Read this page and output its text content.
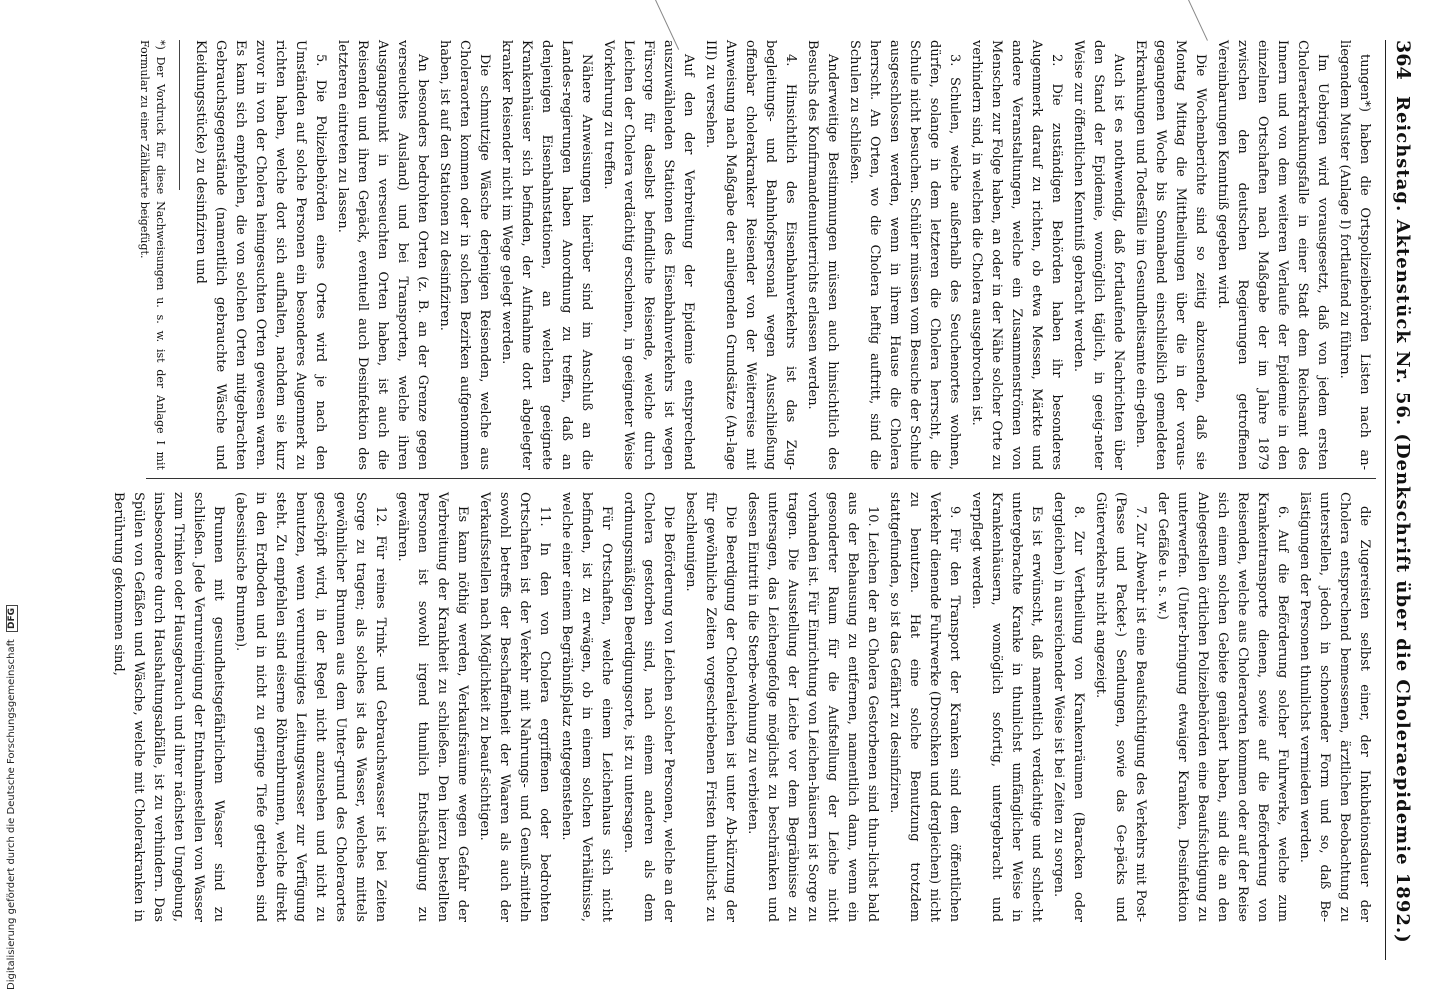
Digitalisierung gefördert durch die Deutsche Forschungsgemeinschaft DFG
364
Reichstag. Aktenstück Nr. 56. (Denkschrift über die Choleraepidemie 1892.)

tungen*) haben die Ortspolizeibehörden Listen nach an-liegendem Muster (Anlage I) fortlaufend zu führen.

Im Uebrigen wird vorausgesetzt, daß von jedem ersten Choleraerkrankungsfalle in einer Stadt dem Reichsamt des Innern und von dem weiteren Verlaufe der Epidemie in den einzelnen Ortschaften nach Maßgabe der im Jahre 1879 zwischen den deutschen Regierungen getroffenen Vereinbarungen Kenntniß gegeben wird.

Die Wochenberichte sind so zeitig abzusenden, daß sie Montag Mittag die Mittheilungen über die in der voraus-gegangenen Woche bis Sonnabend einschließlich gemeldeten Erkrankungen und Todesfälle im Gesundheitsamte ein-gehen.

Auch ist es nothwendig, daß fortlaufende Nachrichten über den Stand der Epidemie, womöglich täglich, in geeig-neter Weise zur öffentlichen Kenntniß gebracht werden.

2. Die zuständigen Behörden haben ihr besonderes Augenmerk darauf zu richten, ob etwa Messen, Märkte und andere Veranstaltungen, welche ein Zusammenströmen von Menschen zur Folge haben, an oder in der Nähe solcher Orte zu verhindern sind, in welchen die Cholera ausgebrochen ist.

3. Schulen, welche außerhalb des Seuchenortes wohnen, dürfen, solange in dem letzteren die Cholera herrscht, die Schule nicht besuchen. Schüler müssen vom Besuche der Schule ausgeschlossen werden, wenn in ihrem Hause die Cholera herrscht. An Orten, wo die Cholera heftig auftritt, sind die Schulen zu schließen.

Anderweitige Bestimmungen müssen auch hinsichtlich des Besuchs des Konfirmandenunterrichts erlassen werden.

4. Hinsichtlich des Eisenbahnverkehrs ist das Zug-begleitungs- und Bahnhofspersonal wegen Ausschließung offenbar cholerakranker Reisender von der Weiterreise mit Anweisung nach Maßgabe der anliegenden Grundsätze (An-lage III) zu versehen.

Auf den der Verbreitung der Epidemie entsprechend auszuwählenden Stationen des Eisenbahnverkehrs ist wegen Fürsorge für daselbst befindliche Reisende, welche durch Leichen der Cholera verdächtig erscheinen, in geeigneter Weise Vorkehrung zu treffen.

Nähere Anweisungen hierüber sind im Anschluß an die Landes-regierungen haben Anordnung zu treffen, daß an denjenigen Eisenbahnstationen, an welchen geeignete Krankenhäuser sich befinden, der Aufnahme dort abgelegter kranker Reisender nicht im Wege gelegt werden.

Die schmutzige Wäsche derjenigen Reisenden, welche aus Choleraorten kommen oder in solchen Bezirken aufgenommen haben, ist auf den Stationen zu desinfiziren.

An besonders bedrohten Orten (z. B. an der Grenze gegen verseuchtes Ausland) und bei Transporten, welche ihren Ausgangspunkt in verseuchten Orten haben, ist auch die Reisenden und ihren Gepäck, eventuell auch Desinfektion des letzteren eintreten zu lassen.

5. Die Polizeibehörden eines Ortes wird je nach den Umständen auf solche Personen ein besonderes Augenmerk zu richten haben, welche dort sich aufhalten, nachdem sie kurz zuvor in von der Cholera heimgesuchten Orten gewesen waren. Es kann sich empfehlen, die von solchen Orten mitgebrachten Gebrauchsgegenstände (namentlich gebrauchte Wäsche und Kleidungsstücke) zu desinfiziren und

*) Der Vordruck für diese Nachweisungen u. s. w. ist der Anlage I mit Formular zu einer Zählkarte beigefügt.

die Zugereisten selbst einer, der Inkubationsdauer der Cholera entsprechend bemessenen, ärztlichen Beobachtung zu unterstellen, jedoch in schonender Form und so, daß Be-lästigungen der Personen thunlichst vermieden werden.

6. Auf die Beförderung solcher Fuhrwerke, welche zum Krankentransporte dienen, sowie auf die Beförderung von Reisenden, welche aus Choleraorten kommen oder auf der Reise sich einem solchen Gebiete genähert haben, sind die an den Anlegestellen örtlichen Polizeibehörden eine Beaufsichtigung zu unterwerfen. (Unter-bringung etwaiger Kranken, Desinfektion der Gefäße u. s. w.)

7. Zur Abwehr ist eine Beaufsichtigung des Verkehrs mit Post- (Passe und Packet-) Sendungen, sowie das Ge-päcks und Güterverkehrs nicht angezeigt.

8. Zur Vertheilung von Krankenräumen (Baracken oder dergleichen) in ausreichender Weise ist bei Zeiten zu sorgen.

Es ist erwünscht, daß namentlich verdächtige und schlecht untergebrachte Kranke in thunlichst umfänglicher Weise in Krankenhäusern, womöglich sofortig, untergebracht und verpflegt werden.

9. Für den Transport der Kranken sind dem öffentlichen Verkehr dienende Fuhrwerke (Droschken und dergleichen) nicht zu benutzen. Hat eine solche Benutzung trotzdem stattgefunden, so ist das Gefährt zu desinfiziren.

10. Leichen der an Cholera Gestorbenen sind thun-lichst bald aus der Behausung zu entfernen, namentlich dann, wenn ein gesonderter Raum für die Aufstellung der Leiche nicht vorhanden ist. Für Einrichtung von Leichen-häusern ist Sorge zu tragen. Die Ausstellung der Leiche vor dem Begräbnisse zu untersagen, das Leichengefolge möglichst zu beschränken und dessen Eintritt in die Sterbe-wohnung zu verbieten.

Die Beerdigung der Choleraleichen ist unter Ab-kürzung der für gewöhnliche Zeiten vorgeschriebenen Fristen thunlichst zu beschleunigen.

Die Beförderung von Leichen solcher Personen, welche an der Cholera gestorben sind, nach einem anderen als dem ordnungsmäßigen Beerdigungsorte, ist zu untersagen.

Für Ortschaften, welche einem Leichenhaus sich nicht befinden, ist zu erwägen, ob in einem solchen Verhältnisse, welche einer einem Begräbnißplatz entgegenstehen.

11. In den von Cholera ergriffenen oder bedrohten Ortschaften ist der Verkehr mit Nahrungs- und Genuß-mitteln sowohl betreffs der Beschaffenheit der Waaren als auch der Verkaufsstellen nach Möglichkeit zu beauf-sichtigen.

Es kann nöthig werden, Verkaufsräume wegen Gefahr der Verbreitung der Krankheit zu schließen. Den hierzu bestellten Personen ist sowohl irgend thunlich Entschädigung zu gewähren.

12. Für reines Trink- und Gebrauchswasser ist bei Zeiten Sorge zu tragen; als solches ist das Wasser, welches mittels gewöhnlicher Brunnen aus dem Unter-grund des Choleraortes geschöpft wird, in der Regel nicht anzusehen und nicht zu benutzen, wenn verunreinigtes Leitungswasser zur Verfügung steht. Zu empfehlen sind eiserne Röhrenbrunnen, welche direkt in den Erdboden und in nicht zu geringe Tiefe getrieben sind (abessinische Brunnen).

Brunnen mit gesundheitsgefährlichem Wasser sind zu schließen. Jede Verunreinigung der Entnahmestellen von Wasser zum Trinken oder Hausgebrauch und ihrer nächsten Umgebung, insbesondere durch Haushaltungsabfälle, ist zu verhindern. Das Spülen von Gefäßen und Wäsche, welche mit Cholerakranken in Berührung gekommen sind,
